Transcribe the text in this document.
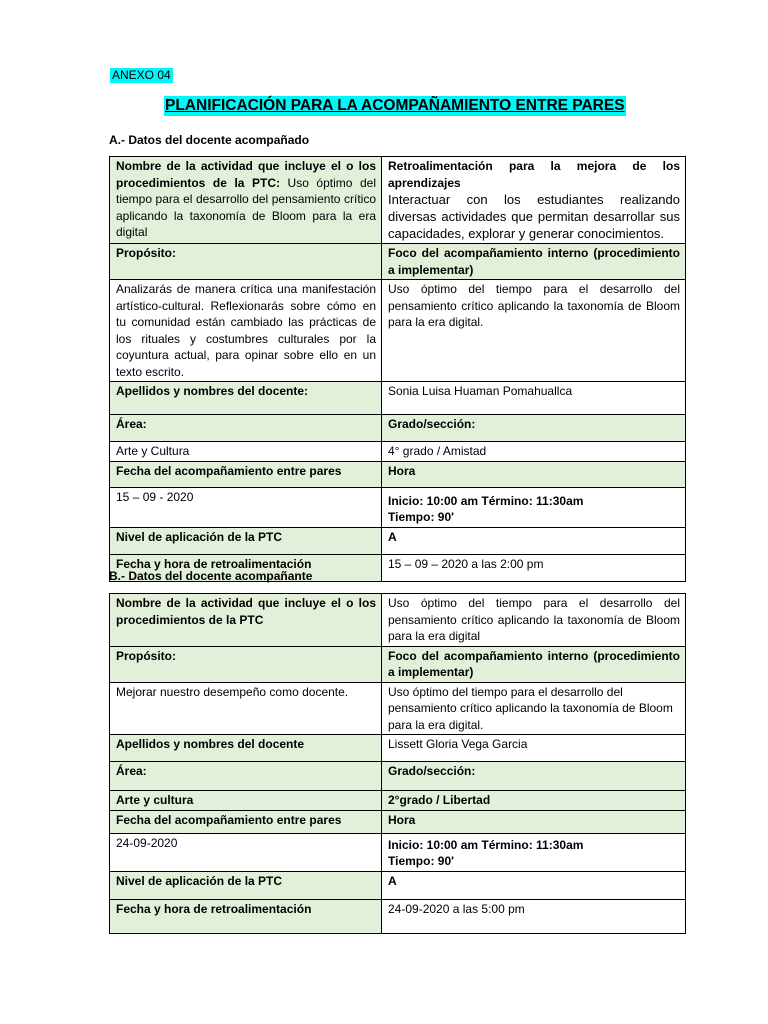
ANEXO 04
PLANIFICACIÓN PARA LA ACOMPAÑAMIENTO ENTRE PARES
A.- Datos del docente acompañado
Nombre de la actividad que incluye el o los procedimientos de la PTC: Uso óptimo del tiempo para el desarrollo del pensamiento crítico aplicando la taxonomía de Bloom para la era digital	Retroalimentación para la mejora de los aprendizajes
Interactuar con los estudiantes realizando diversas actividades que permitan desarrollar sus capacidades, explorar y generar conocimientos.

Propósito:	Foco del acompañamiento interno (procedimiento a implementar)
Analizarás de manera crítica una manifestación artístico-cultural. Reflexionarás sobre cómo en tu comunidad están cambiado las prácticas de los rituales y costumbres culturales por la coyuntura actual, para opinar sobre ello en un texto escrito.	Uso óptimo del tiempo para el desarrollo del pensamiento crítico aplicando la taxonomía de Bloom para la era digital.
Apellidos y nombres del docente:	Sonia Luisa Huaman Pomahuallca
Área:	Grado/sección:
Arte y Cultura	4° grado / Amistad
Fecha del acompañamiento entre pares	Hora
15 – 09 - 2020	Inicio: 10:00 am Término: 11:30am
Tiempo: 90'

Nivel de aplicación de la PTC	A
Fecha y hora de retroalimentación	15 – 09 – 2020 a las 2:00 pm
B.- Datos del docente acompañante
Nombre de la actividad que incluye el o los procedimientos de la PTC	Uso óptimo del tiempo para el desarrollo del pensamiento crítico aplicando la taxonomía de Bloom para la era digital
Propósito:	Foco del acompañamiento interno (procedimiento a implementar)
Mejorar nuestro desempeño como docente.	Uso óptimo del tiempo para el desarrollo del pensamiento crítico aplicando la taxonomía de Bloom para la era digital.
Apellidos y nombres del docente	Lissett Gloria Vega Garcia
Área:	Grado/sección:
Arte y cultura	2°grado / Libertad
Fecha del acompañamiento entre pares	Hora
24-09-2020	Inicio: 10:00 am Término: 11:30am
Tiempo: 90'

Nivel de aplicación de la PTC	A
Fecha y hora de retroalimentación	24-09-2020 a las 5:00 pm
